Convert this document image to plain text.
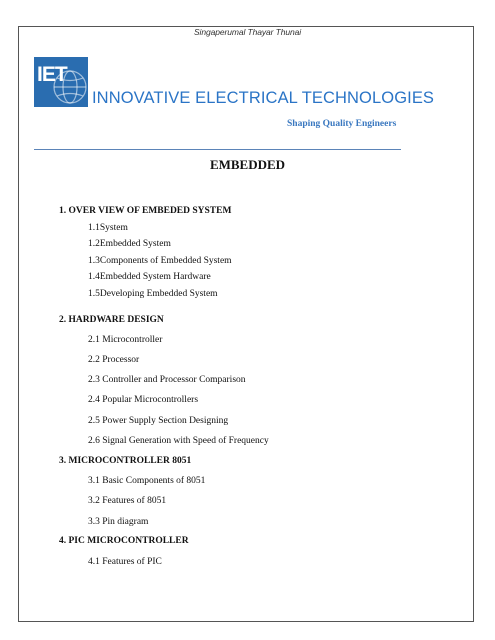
Singaperumal Thayar Thunai
IET
INNOVATIVE ELECTRICAL TECHNOLOGIES
Shaping Quality Engineers
EMBEDDED
1. OVER VIEW OF EMBEDED SYSTEM
1.1System
1.2Embedded System
1.3Components of Embedded System
1.4Embedded System Hardware
1.5Developing Embedded System
2. HARDWARE DESIGN
2.1 Microcontroller
2.2 Processor
2.3 Controller and Processor Comparison
2.4 Popular Microcontrollers
2.5 Power Supply Section Designing
2.6 Signal Generation with Speed of Frequency
3. MICROCONTROLLER 8051
3.1 Basic Components of 8051
3.2 Features of 8051
3.3 Pin diagram
4. PIC MICROCONTROLLER
4.1 Features of PIC
